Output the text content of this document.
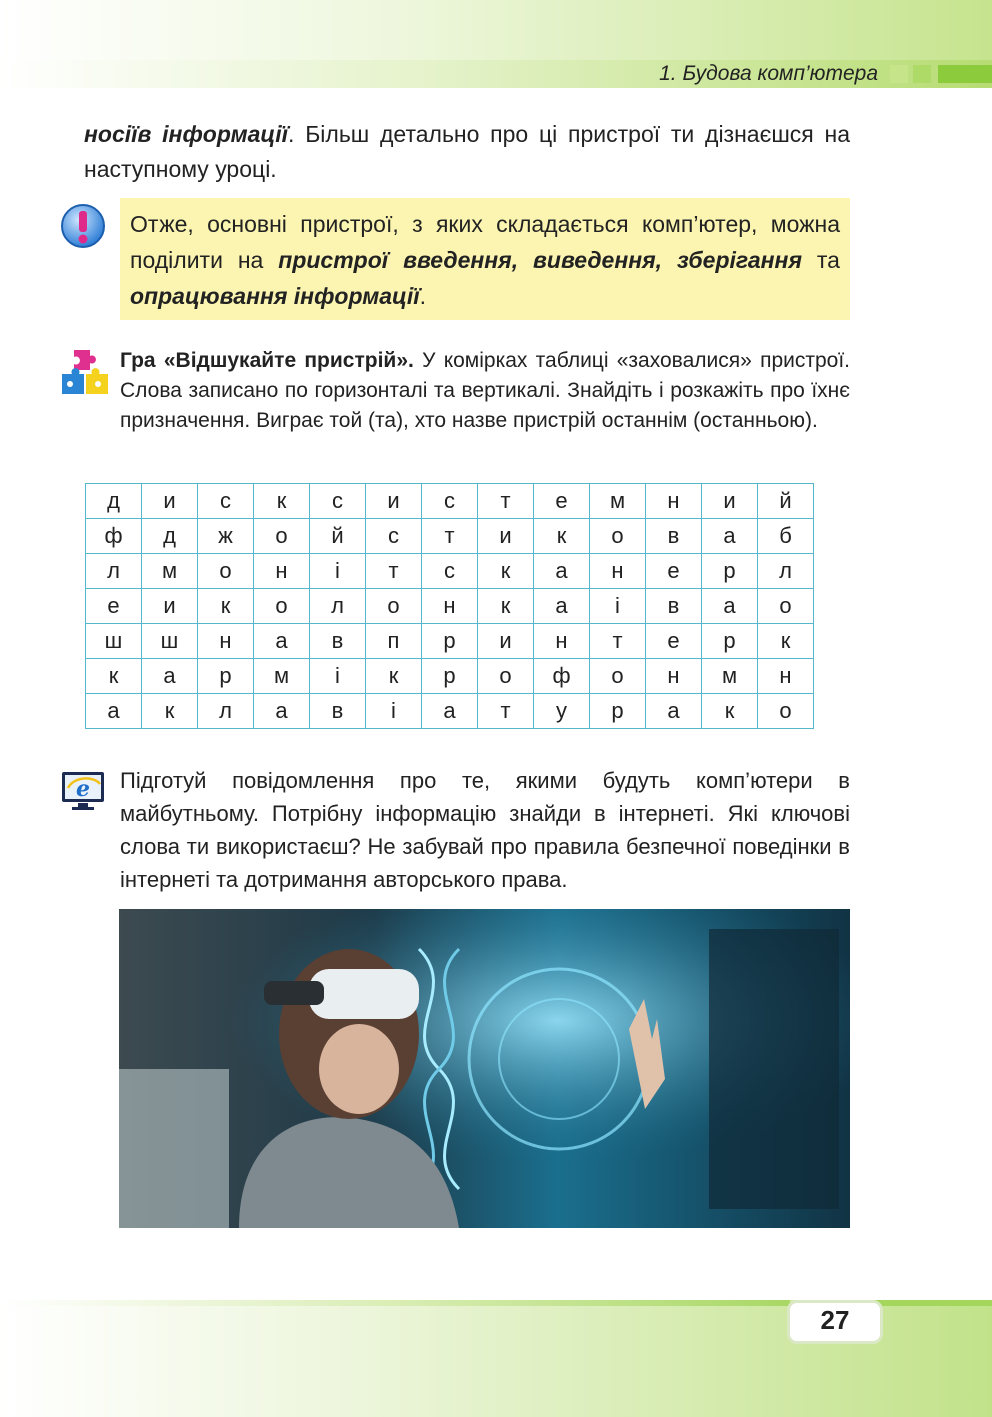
1. Будова комп’ютера
носіїв інформації. Більш детально про ці пристрої ти дізнаєшся на наступному уроці.
Отже, основні пристрої, з яких складається комп’ютер, можна поділити на пристрої введення, виведення, зберігання та опрацювання інформації.
Гра «Відшукайте пристрій». У комірках таблиці «заховалися» пристрої. Слова записано по горизонталі та вертикалі. Знайдіть і розкажіть про їхнє призначення. Виграє той (та), хто назве пристрій останнім (останньою).
д	и	с	к	с	и	с	т	е	м	н	и	й
ф	д	ж	о	й	с	т	и	к	о	в	а	б
л	м	о	н	і	т	с	к	а	н	е	р	л
е	и	к	о	л	о	н	к	а	і	в	а	о
ш	ш	н	а	в	п	р	и	н	т	е	р	к
к	а	р	м	і	к	р	о	ф	о	н	м	н
а	к	л	а	в	і	а	т	у	р	а	к	о
e Підготуй повідомлення про те, якими будуть комп’ютери в майбутньому. Потрібну інформацію знайди в інтернеті. Які ключові слова ти використаєш? Не забувай про правила безпечної поведінки в інтернеті та дотримання авторського права.
27
